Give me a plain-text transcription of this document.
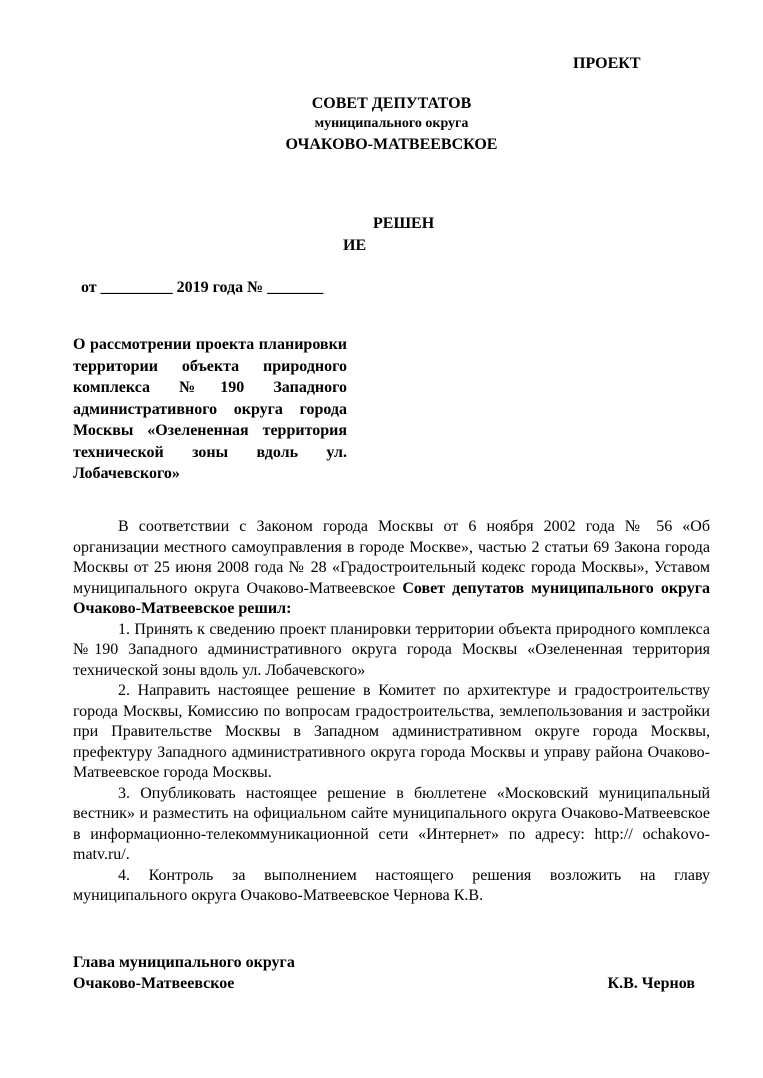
ПРОЕКТ
СОВЕТ ДЕПУТАТОВ
муниципального округа
ОЧАКОВО-МАТВЕЕВСКОЕ
РЕШЕН
ИЕ
от _________ 2019 года № _______
О рассмотрении проекта планировки территории объекта природного комплекса №190 Западного административного округа города Москвы «Озелененная территория технической зоны вдоль ул. Лобачевского»

В соответствии с Законом города Москвы от 6 ноября 2002 года № 56 «Об организации местного самоуправления в городе Москве», частью 2 статьи 69 Закона города Москвы от 25 июня 2008 года № 28 «Градостроительный кодекс города Москвы», Уставом муниципального округа Очаково-Матвеевское Совет депутатов муниципального округа Очаково-Матвеевское решил:

1. Принять к сведению проект планировки территории объекта природного комплекса №190 Западного административного округа города Москвы «Озелененная территория технической зоны вдоль ул. Лобачевского»

2. Направить настоящее решение в Комитет по архитектуре и градостроительству города Москвы, Комиссию по вопросам градостроительства, землепользования и застройки при Правительстве Москвы в Западном административном округе города Москвы, префектуру Западного административного округа города Москвы и управу района Очаково-Матвеевское города Москвы.

3. Опубликовать настоящее решение в бюллетене «Московский муниципальный вестник» и разместить на официальном сайте муниципального округа Очаково-Матвеевское в информационно-телекоммуникационной сети «Интернет» по адресу: http:// ochakovo-matv.ru/.

4. Контроль за выполнением настоящего решения возложить на главу муниципального округа Очаково-Матвеевское Чернова К.В.

Глава муниципального округа
Очаково-Матвеевское	К.В. Чернов
